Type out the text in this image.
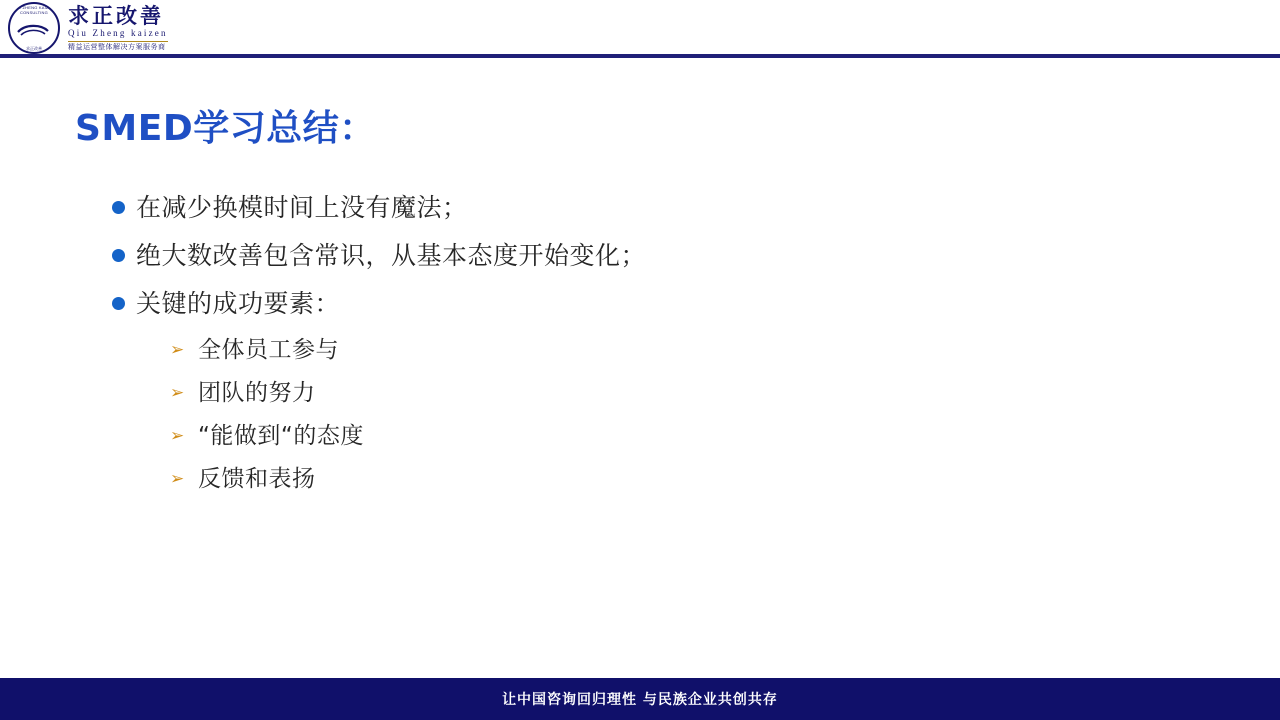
QIU ZHENG KAIZEN CONSULTING
求正改善
求正改善
Qiu Zheng kaizen
精益运营整体解决方案服务商
SMED学习总结：
在减少换模时间上没有魔法；
绝大数改善包含常识，从基本态度开始变化；
关键的成功要素：
➢ 全体员工参与
➢ 团队的努力
➢ “能做到“的态度
➢ 反馈和表扬
让中国咨询回归理性 与民族企业共创共存
